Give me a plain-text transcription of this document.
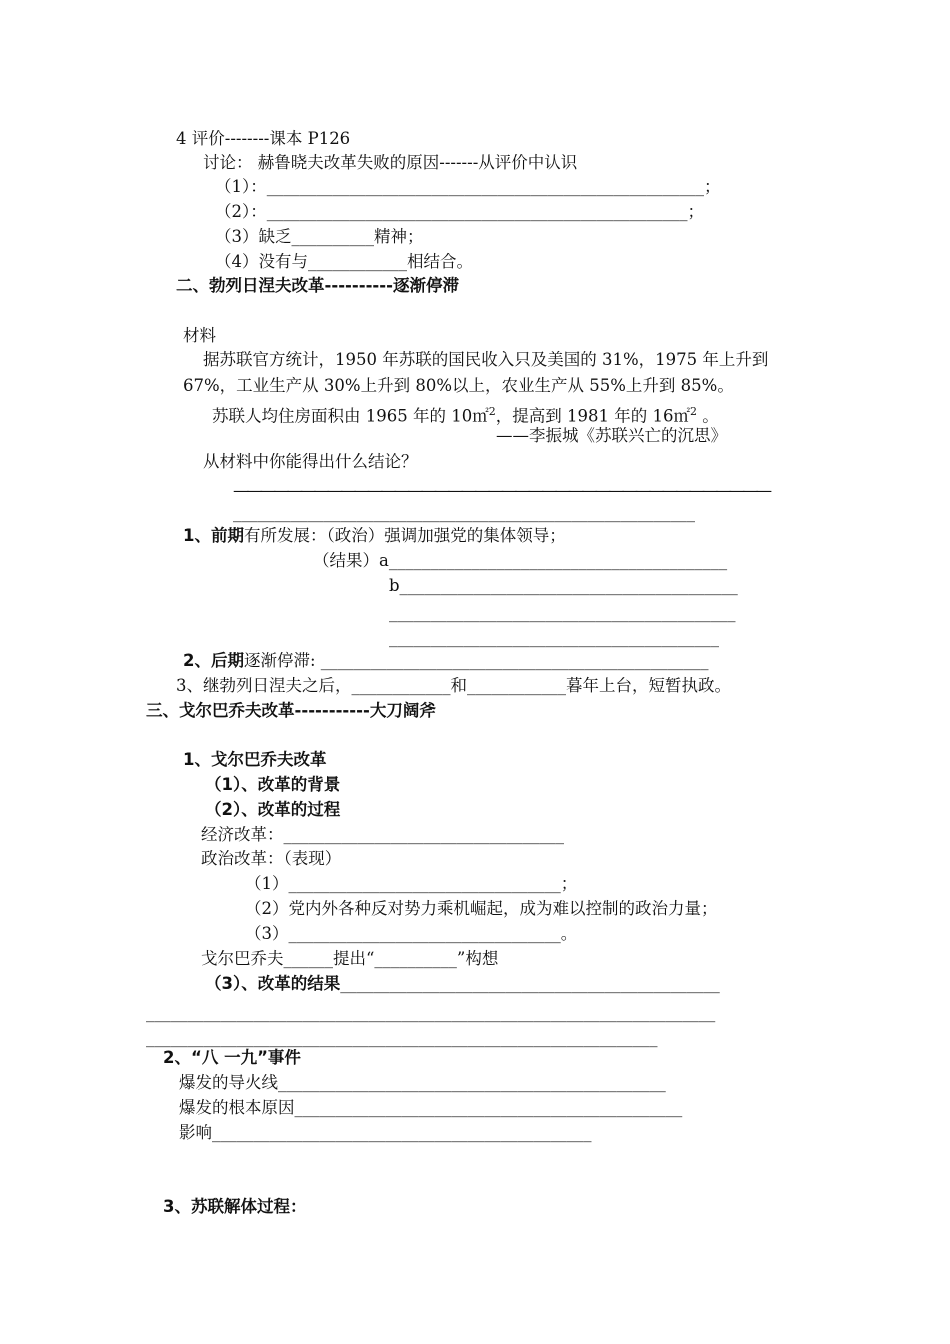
4 评价--------课本 P126
讨论： 赫鲁晓夫改革失败的原因-------从评价中认识
（1）：_____________________________________________________；
（2）：___________________________________________________；
（3）缺乏__________精神；
（4）没有与____________相结合。
二、勃列日涅夫改革----------逐渐停滞
材料
据苏联官方统计，1950 年苏联的国民收入只及美国的 31%，1975 年上升到
67%，工业生产从 30%上升到 80%以上，农业生产从 55%上升到 85%。
苏联人均住房面积由 1965 年的 10㎡$^2$，提高到 1981 年的 16㎡$^2$ 。
——李振城《苏联兴亡的沉思》
从材料中你能得出什么结论？
————————————————————————————————————————
________________________________________________________
1、前期有所发展：（政治）强调加强党的集体领导；
（结果）a_________________________________________
b_________________________________________
__________________________________________
________________________________________
2、后期逐渐停滞: _______________________________________________
3、继勃列日涅夫之后，____________和____________暮年上台，短暂执政。
三、戈尔巴乔夫改革-----------大刀阔斧
1、戈尔巴乔夫改革
（1）、改革的背景
（2）、改革的过程
经济改革：__________________________________
政治改革：（表现）
（1）_________________________________；
（2）党内外各种反对势力乘机崛起，成为难以控制的政治力量；
（3）_________________________________。
戈尔巴乔夫______提出“__________”构想
（3）、改革的结果______________________________________________
_____________________________________________________________________
______________________________________________________________
2、“八 一九”事件
爆发的导火线_______________________________________________
爆发的根本原因_______________________________________________
影响______________________________________________
3、苏联解体过程：
